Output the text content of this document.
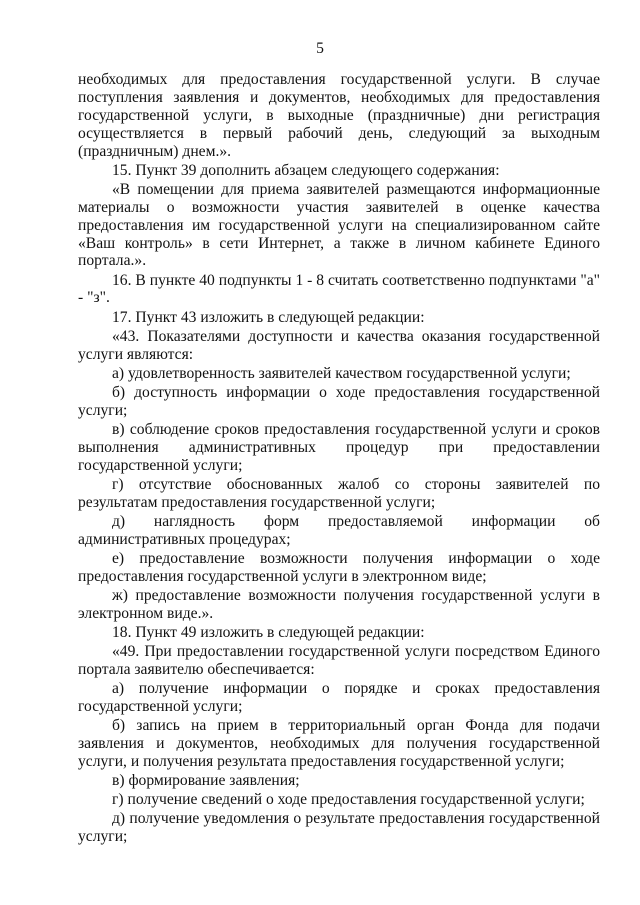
5

необходимых для предоставления государственной услуги. В случае поступления заявления и документов, необходимых для предоставления государственной услуги, в выходные (праздничные) дни регистрация осуществляется в первый рабочий день, следующий за выходным (праздничным) днем.».

15. Пункт 39 дополнить абзацем следующего содержания:

«В помещении для приема заявителей размещаются информационные материалы о возможности участия заявителей в оценке качества предоставления им государственной услуги на специализированном сайте «Ваш контроль» в сети Интернет, а также в личном кабинете Единого портала.».

16. В пункте 40 подпункты 1 - 8 считать соответственно подпунктами "а" - "з".

17. Пункт 43 изложить в следующей редакции:

«43. Показателями доступности и качества оказания государственной услуги являются:

а) удовлетворенность заявителей качеством государственной услуги;

б) доступность информации о ходе предоставления государственной услуги;

в) соблюдение сроков предоставления государственной услуги и сроков выполнения административных процедур при предоставлении государственной услуги;

г) отсутствие обоснованных жалоб со стороны заявителей по результатам предоставления государственной услуги;

д) наглядность форм предоставляемой информации об административных процедурах;

е) предоставление возможности получения информации о ходе предоставления государственной услуги в электронном виде;

ж) предоставление возможности получения государственной услуги в электронном виде.».

18. Пункт 49 изложить в следующей редакции:

«49. При предоставлении государственной услуги посредством Единого портала заявителю обеспечивается:

а) получение информации о порядке и сроках предоставления государственной услуги;

б) запись на прием в территориальный орган Фонда для подачи заявления и документов, необходимых для получения государственной услуги, и получения результата предоставления государственной услуги;

в) формирование заявления;

г) получение сведений о ходе предоставления государственной услуги;

д) получение уведомления о результате предоставления государственной услуги;
